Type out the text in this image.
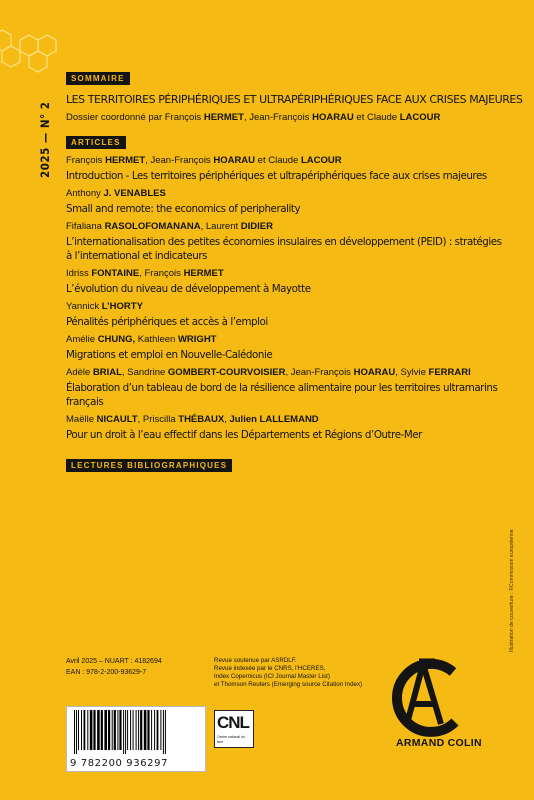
2025 — N° 2
Illustration de couverture : ©Commission européenne
SOMMAIRE
LES TERRITOIRES PÉRIPHÉRIQUES ET ULTRAPÉRIPHÉRIQUES FACE AUX CRISES MAJEURES
Dossier coordonné par François HERMET, Jean-François HOARAU et Claude LACOUR
ARTICLES
François HERMET, Jean-François HOARAU et Claude LACOUR
Introduction - Les territoires périphériques et ultrapériphériques face aux crises majeures
Anthony J. VENABLES
Small and remote: the economics of peripherality
Fifaliana RASOLOFOMANANA, Laurent DIDIER
L’internationalisation des petites économies insulaires en développement (PEID) : stratégies à l’international et indicateurs
Idriss FONTAINE, François HERMET
L’évolution du niveau de développement à Mayotte
Yannick L’HORTY
Pénalités périphériques et accès à l’emploi
Amélie CHUNG, Kathleen WRIGHT
Migrations et emploi en Nouvelle-Calédonie
Adèle BRIAL, Sandrine GOMBERT-COURVOISIER, Jean-François HOARAU, Sylvie FERRARI
Élaboration d’un tableau de bord de la résilience alimentaire pour les territoires ultramarins français
Maëlle NICAULT, Priscilla THÉBAUX, Julien LALLEMAND
Pour un droit à l’eau effectif dans les Départements et Régions d’Outre-Mer
LECTURES BIBLIOGRAPHIQUES
Avril 2025 – NUART : 4182694
EAN : 978-2-200-93629-7
9 782200 936297
Revue soutenue par ASRDLF.
Revue indexée par le CNRS, l’HCERES,
Index Copernicus (ICI Journal Master List)
et Thomson Reuters (Emerging source Citation Index)
CNL
Centre national du livre	ARMAND COLIN
